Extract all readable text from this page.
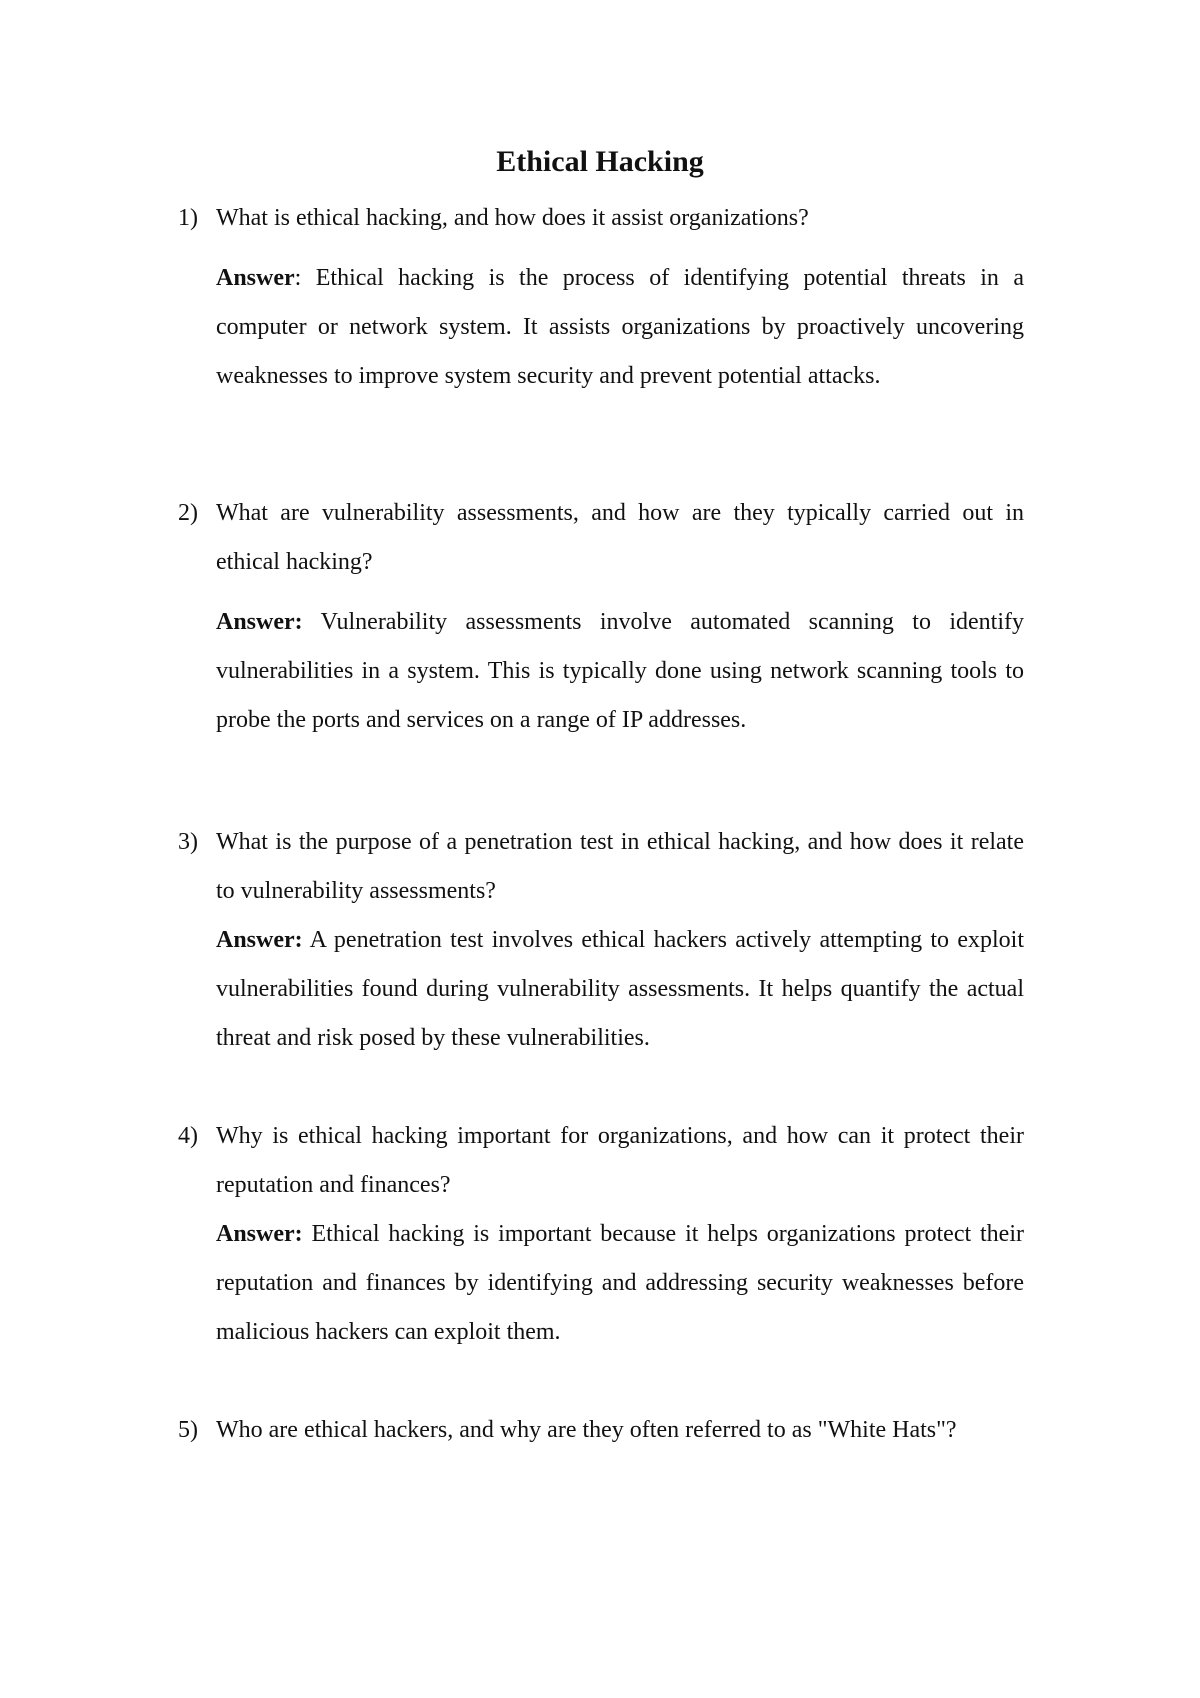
Ethical Hacking
1) What is ethical hacking, and how does it assist organizations?

Answer: Ethical hacking is the process of identifying potential threats in a computer or network system. It assists organizations by proactively uncovering weaknesses to improve system security and prevent potential attacks.

2) What are vulnerability assessments, and how are they typically carried out in ethical hacking?

Answer: Vulnerability assessments involve automated scanning to identify vulnerabilities in a system. This is typically done using network scanning tools to probe the ports and services on a range of IP addresses.

3) What is the purpose of a penetration test in ethical hacking, and how does it relate to vulnerability assessments?

Answer: A penetration test involves ethical hackers actively attempting to exploit vulnerabilities found during vulnerability assessments. It helps quantify the actual threat and risk posed by these vulnerabilities.

4) Why is ethical hacking important for organizations, and how can it protect their reputation and finances?

Answer: Ethical hacking is important because it helps organizations protect their reputation and finances by identifying and addressing security weaknesses before malicious hackers can exploit them.

5) Who are ethical hackers, and why are they often referred to as "White Hats"?
